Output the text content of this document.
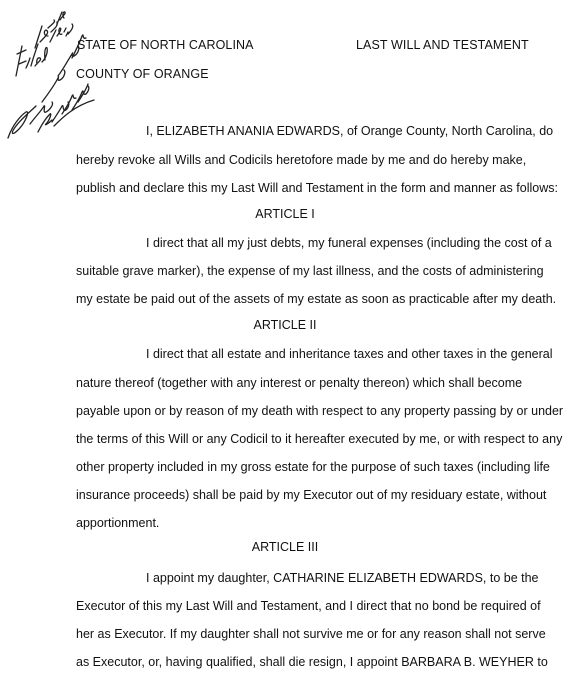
STATE OF NORTH CAROLINA
COUNTY OF ORANGE
LAST WILL AND TESTAMENT
I, ELIZABETH ANANIA EDWARDS, of Orange County, North Carolina, do
hereby revoke all Wills and Codicils heretofore made by me and do hereby make,
publish and declare this my Last Will and Testament in the form and manner as follows:
ARTICLE I
I direct that all my just debts, my funeral expenses (including the cost of a
suitable grave marker), the expense of my last illness, and the costs of administering
my estate be paid out of the assets of my estate as soon as practicable after my death.
ARTICLE II
I direct that all estate and inheritance taxes and other taxes in the general
nature thereof (together with any interest or penalty thereon) which shall become
payable upon or by reason of my death with respect to any property passing by or under
the terms of this Will or any Codicil to it hereafter executed by me, or with respect to any
other property included in my gross estate for the purpose of such taxes (including life
insurance proceeds) shall be paid by my Executor out of my residuary estate, without
apportionment.
ARTICLE III
I appoint my daughter, CATHARINE ELIZABETH EDWARDS, to be the
Executor of this my Last Will and Testament, and I direct that no bond be required of
her as Executor. If my daughter shall not survive me or for any reason shall not serve
as Executor, or, having qualified, shall die resign, I appoint BARBARA B. WEYHER to
